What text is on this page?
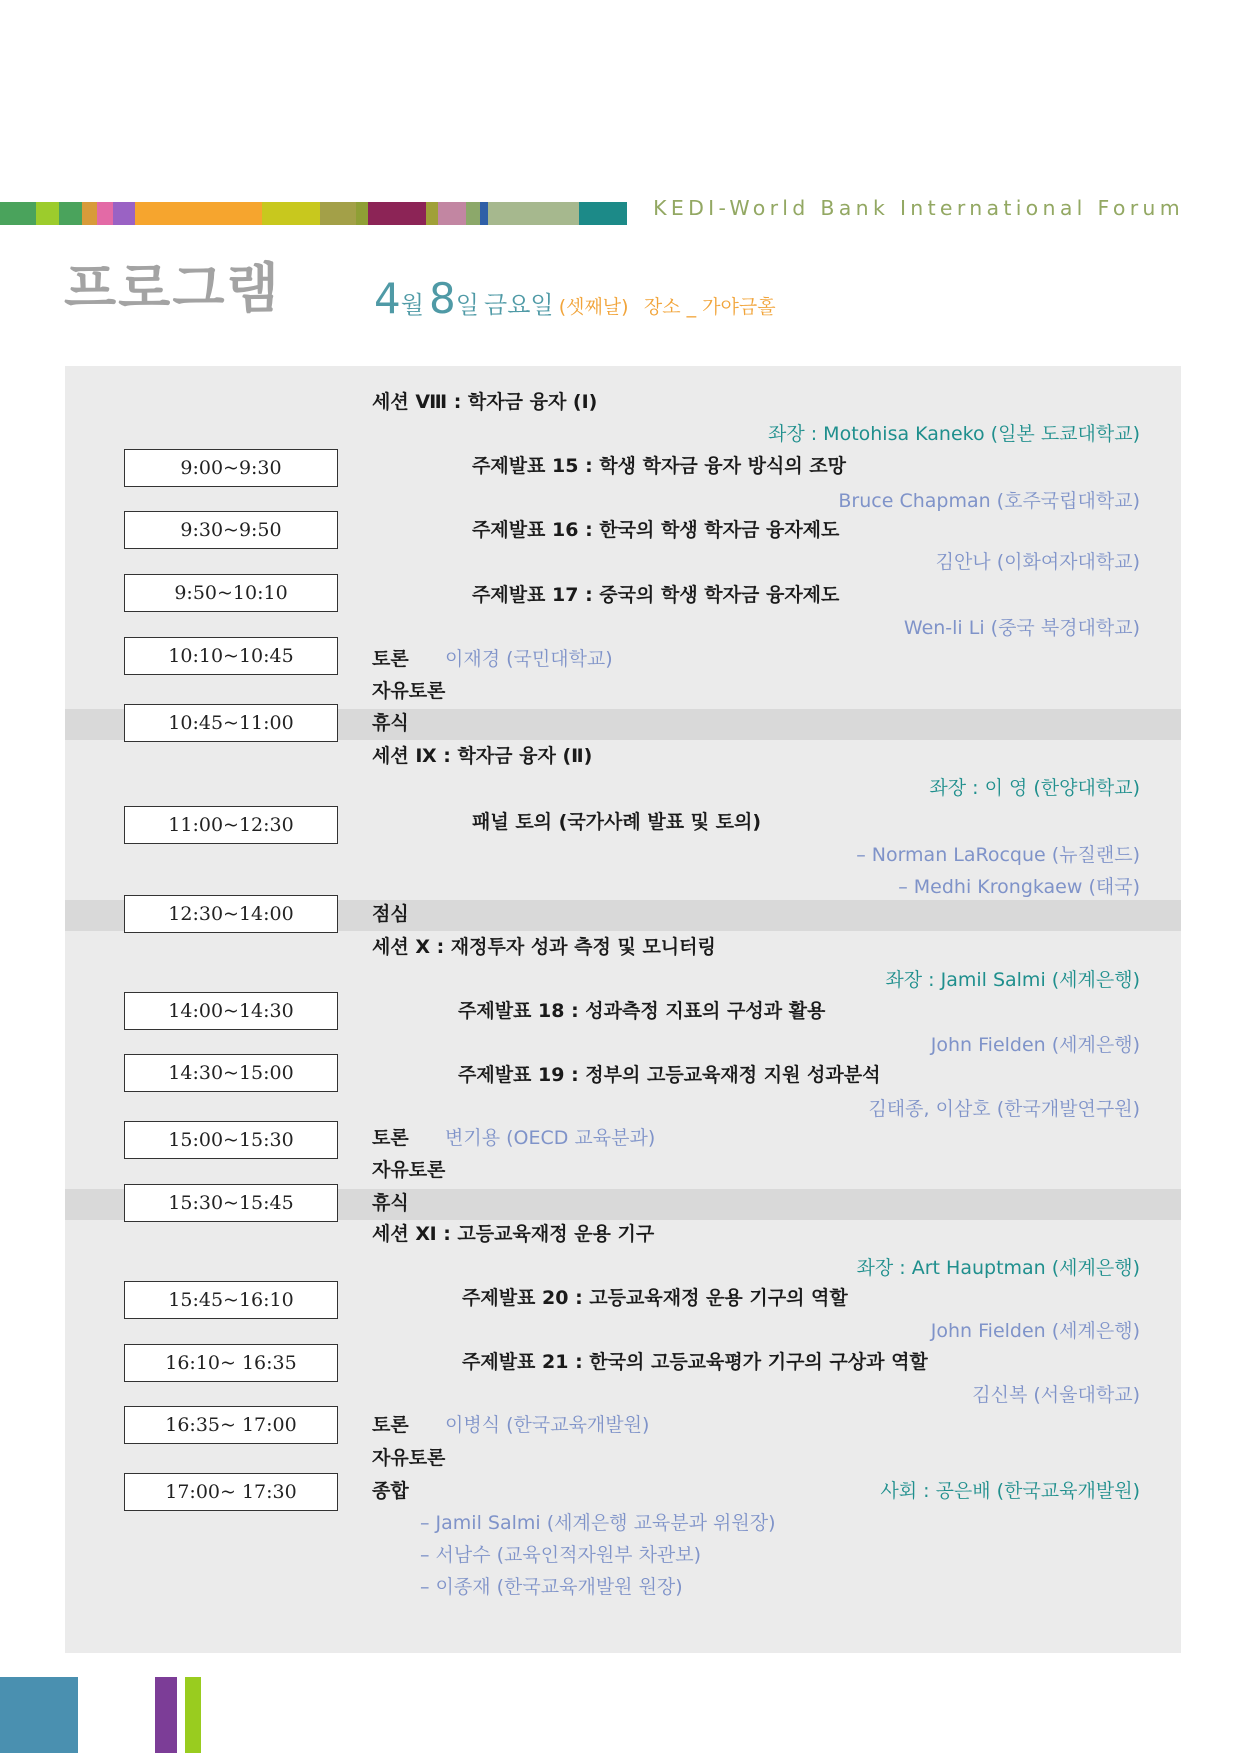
KEDI-World Bank International Forum
프로그램 4월 8일 금요일 (셋째날) 장소 _ 가야금홀
9:00~9:30
9:30~9:50
9:50~10:10
10:10~10:45
10:45~11:00
11:00~12:30
12:30~14:00
14:00~14:30
14:30~15:00
15:00~15:30
15:30~15:45
15:45~16:10
16:10~ 16:35
16:35~ 17:00
17:00~ 17:30
세션 Ⅷ : 학자금 융자 (Ⅰ)
좌장 : Motohisa Kaneko (일본 도쿄대학교)
주제발표 15 : 학생 학자금 융자 방식의 조망
Bruce Chapman (호주국립대학교)
주제발표 16 : 한국의 학생 학자금 융자제도
김안나 (이화여자대학교)
주제발표 17 : 중국의 학생 학자금 융자제도
Wen-li Li (중국 북경대학교)
토론 이재경 (국민대학교)
자유토론
휴식
세션 Ⅸ : 학자금 융자 (Ⅱ)
좌장 : 이 영 (한양대학교)
패널 토의 (국가사례 발표 및 토의)
– Norman LaRocque (뉴질랜드)
– Medhi Krongkaew (태국)
점심
세션 Ⅹ : 재정투자 성과 측정 및 모니터링
좌장 : Jamil Salmi (세계은행)
주제발표 18 : 성과측정 지표의 구성과 활용
John Fielden (세계은행)
주제발표 19 : 정부의 고등교육재정 지원 성과분석
김태종, 이삼호 (한국개발연구원)
토론 변기용 (OECD 교육분과)
자유토론
휴식
세션 Ⅺ : 고등교육재정 운용 기구
좌장 : Art Hauptman (세계은행)
주제발표 20 : 고등교육재정 운용 기구의 역할
John Fielden (세계은행)
주제발표 21 : 한국의 고등교육평가 기구의 구상과 역할
김신복 (서울대학교)
토론 이병식 (한국교육개발원)
자유토론
종합	사회 : 공은배 (한국교육개발원)
– Jamil Salmi (세계은행 교육분과 위원장)
– 서남수 (교육인적자원부 차관보)
– 이종재 (한국교육개발원 원장)
